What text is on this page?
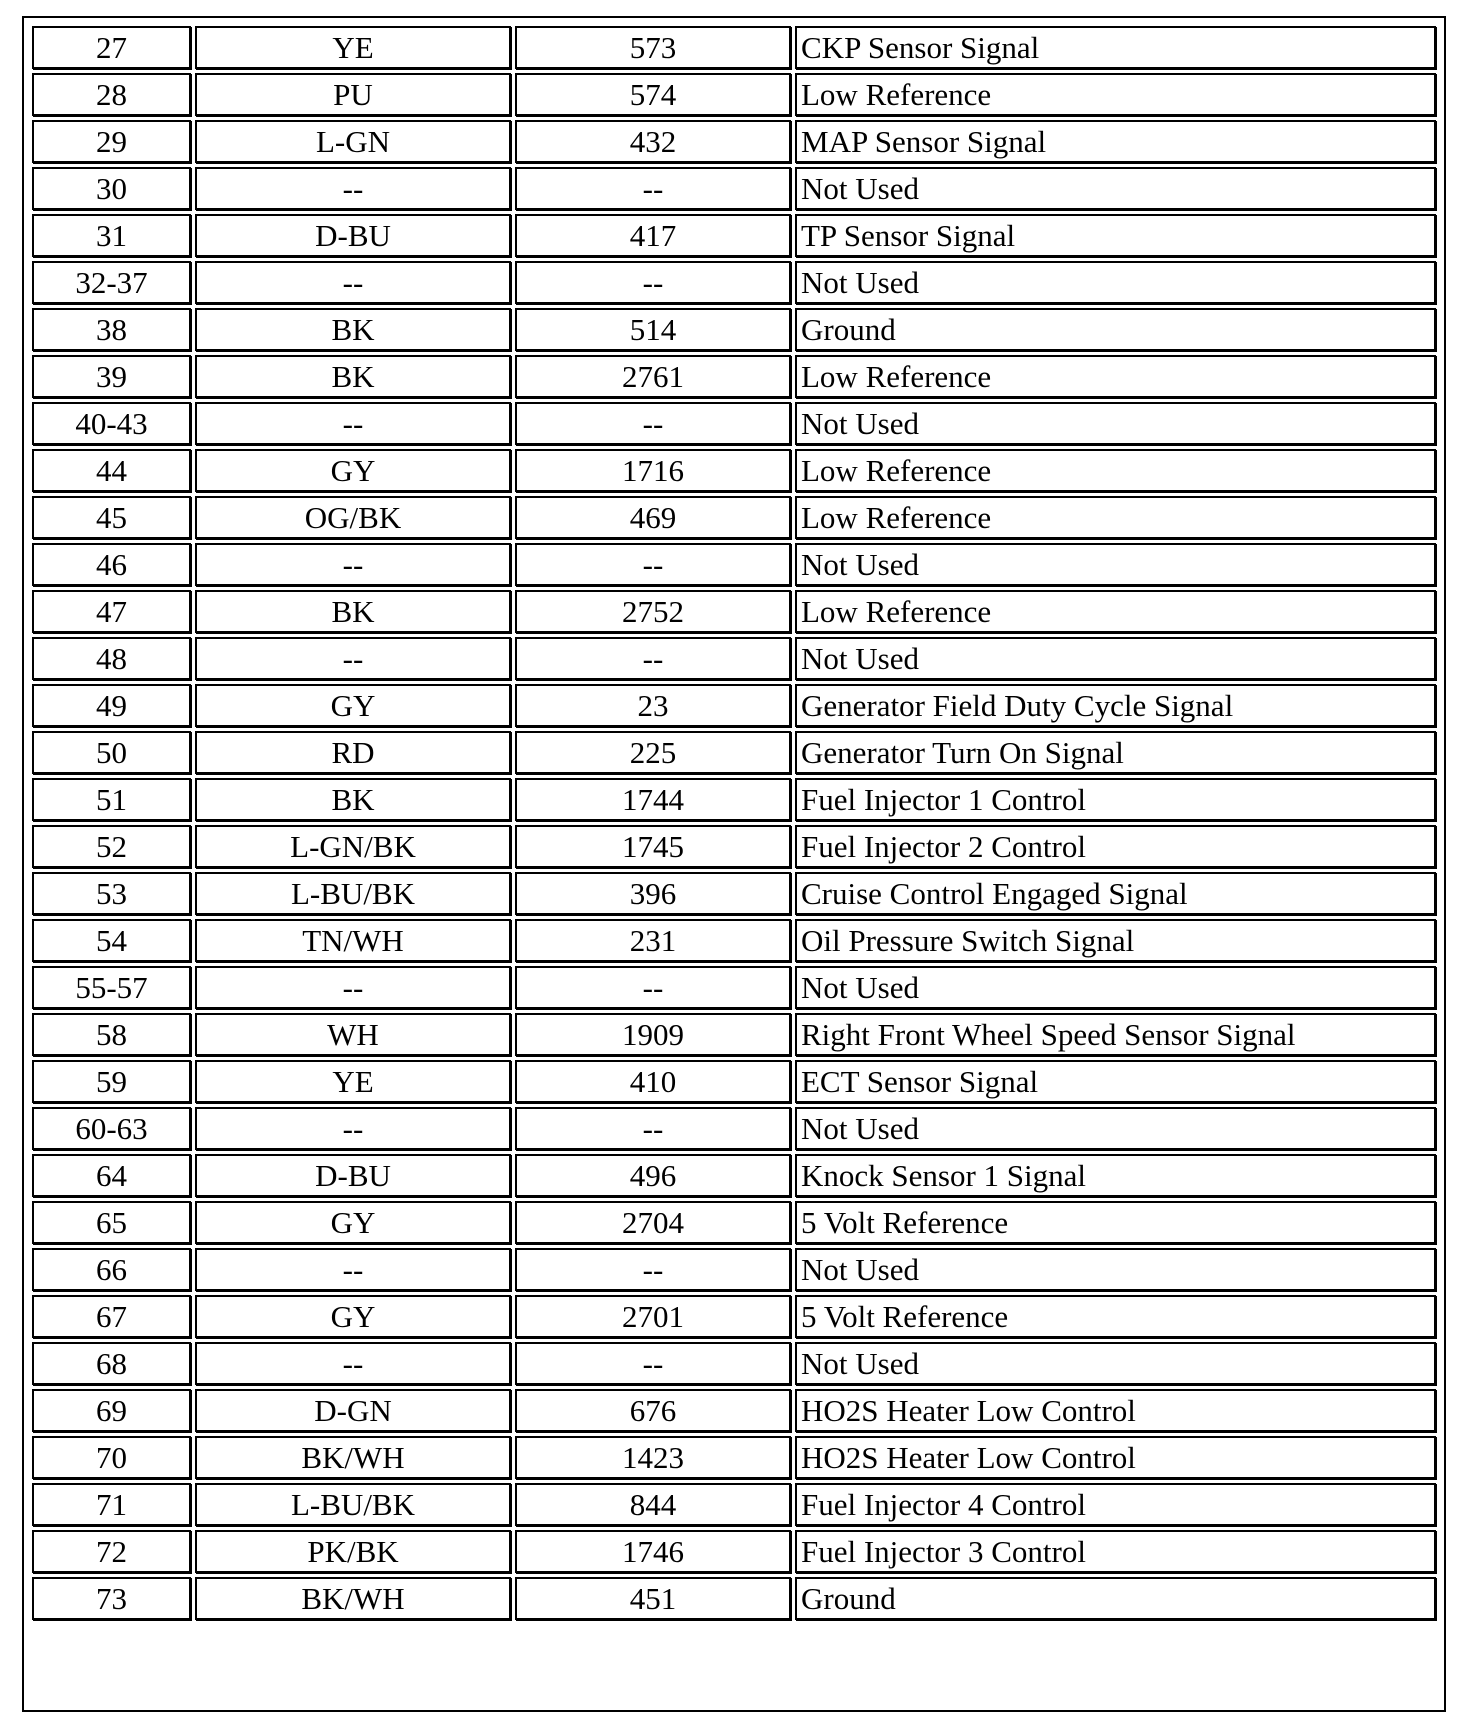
27	YE	573	CKP Sensor Signal
28	PU	574	Low Reference
29	L-GN	432	MAP Sensor Signal
30	--	--	Not Used
31	D-BU	417	TP Sensor Signal
32-37	--	--	Not Used
38	BK	514	Ground
39	BK	2761	Low Reference
40-43	--	--	Not Used
44	GY	1716	Low Reference
45	OG/BK	469	Low Reference
46	--	--	Not Used
47	BK	2752	Low Reference
48	--	--	Not Used
49	GY	23	Generator Field Duty Cycle Signal
50	RD	225	Generator Turn On Signal
51	BK	1744	Fuel Injector 1 Control
52	L-GN/BK	1745	Fuel Injector 2 Control
53	L-BU/BK	396	Cruise Control Engaged Signal
54	TN/WH	231	Oil Pressure Switch Signal
55-57	--	--	Not Used
58	WH	1909	Right Front Wheel Speed Sensor Signal
59	YE	410	ECT Sensor Signal
60-63	--	--	Not Used
64	D-BU	496	Knock Sensor 1 Signal
65	GY	2704	5 Volt Reference
66	--	--	Not Used
67	GY	2701	5 Volt Reference
68	--	--	Not Used
69	D-GN	676	HO2S Heater Low Control
70	BK/WH	1423	HO2S Heater Low Control
71	L-BU/BK	844	Fuel Injector 4 Control
72	PK/BK	1746	Fuel Injector 3 Control
73	BK/WH	451	Ground
